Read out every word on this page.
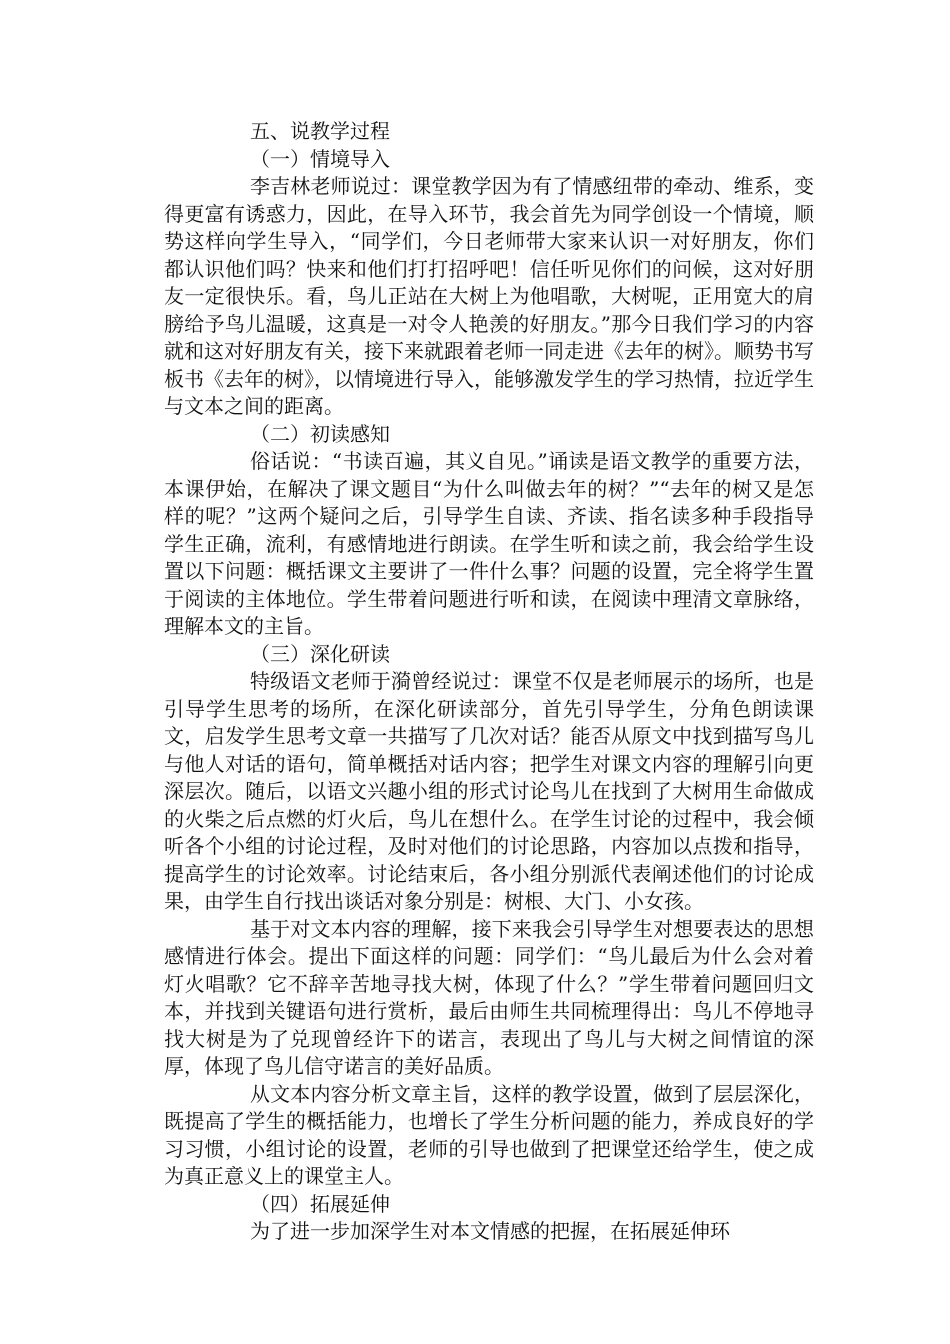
五、说教学过程

（一）情境导入

李吉林老师说过：课堂教学因为有了情感纽带的牵动、维系，变得更富有诱惑力，因此，在导入环节，我会首先为同学创设一个情境，顺势这样向学生导入，“同学们，今日老师带大家来认识一对好朋友，你们都认识他们吗？快来和他们打打招呼吧！信任听见你们的问候，这对好朋友一定很快乐。看，鸟儿正站在大树上为他唱歌，大树呢，正用宽大的肩膀给予鸟儿温暖，这真是一对令人艳羡的好朋友。”那今日我们学习的内容就和这对好朋友有关，接下来就跟着老师一同走进《去年的树》。顺势书写板书《去年的树》，以情境进行导入，能够激发学生的学习热情，拉近学生与文本之间的距离。

（二）初读感知

俗话说：“书读百遍，其义自见。”诵读是语文教学的重要方法，本课伊始，在解决了课文题目“为什么叫做去年的树？”“去年的树又是怎样的呢？”这两个疑问之后，引导学生自读、齐读、指名读多种手段指导学生正确，流利，有感情地进行朗读。在学生听和读之前，我会给学生设置以下问题：概括课文主要讲了一件什么事？问题的设置，完全将学生置于阅读的主体地位。学生带着问题进行听和读，在阅读中理清文章脉络，理解本文的主旨。

（三）深化研读

特级语文老师于漪曾经说过：课堂不仅是老师展示的场所，也是引导学生思考的场所，在深化研读部分，首先引导学生，分角色朗读课文，启发学生思考文章一共描写了几次对话？能否从原文中找到描写鸟儿与他人对话的语句，简单概括对话内容；把学生对课文内容的理解引向更深层次。随后，以语文兴趣小组的形式讨论鸟儿在找到了大树用生命做成的火柴之后点燃的灯火后，鸟儿在想什么。在学生讨论的过程中，我会倾听各个小组的讨论过程，及时对他们的讨论思路，内容加以点拨和指导，提高学生的讨论效率。讨论结束后，各小组分别派代表阐述他们的讨论成果，由学生自行找出谈话对象分别是：树根、大门、小女孩。

基于对文本内容的理解，接下来我会引导学生对想要表达的思想感情进行体会。提出下面这样的问题：同学们：“鸟儿最后为什么会对着灯火唱歌？它不辞辛苦地寻找大树，体现了什么？”学生带着问题回归文本，并找到关键语句进行赏析，最后由师生共同梳理得出：鸟儿不停地寻找大树是为了兑现曾经许下的诺言，表现出了鸟儿与大树之间情谊的深厚，体现了鸟儿信守诺言的美好品质。

从文本内容分析文章主旨，这样的教学设置，做到了层层深化，既提高了学生的概括能力，也增长了学生分析问题的能力，养成良好的学习习惯，小组讨论的设置，老师的引导也做到了把课堂还给学生，使之成为真正意义上的课堂主人。

（四）拓展延伸

为了进一步加深学生对本文情感的把握，在拓展延伸环
